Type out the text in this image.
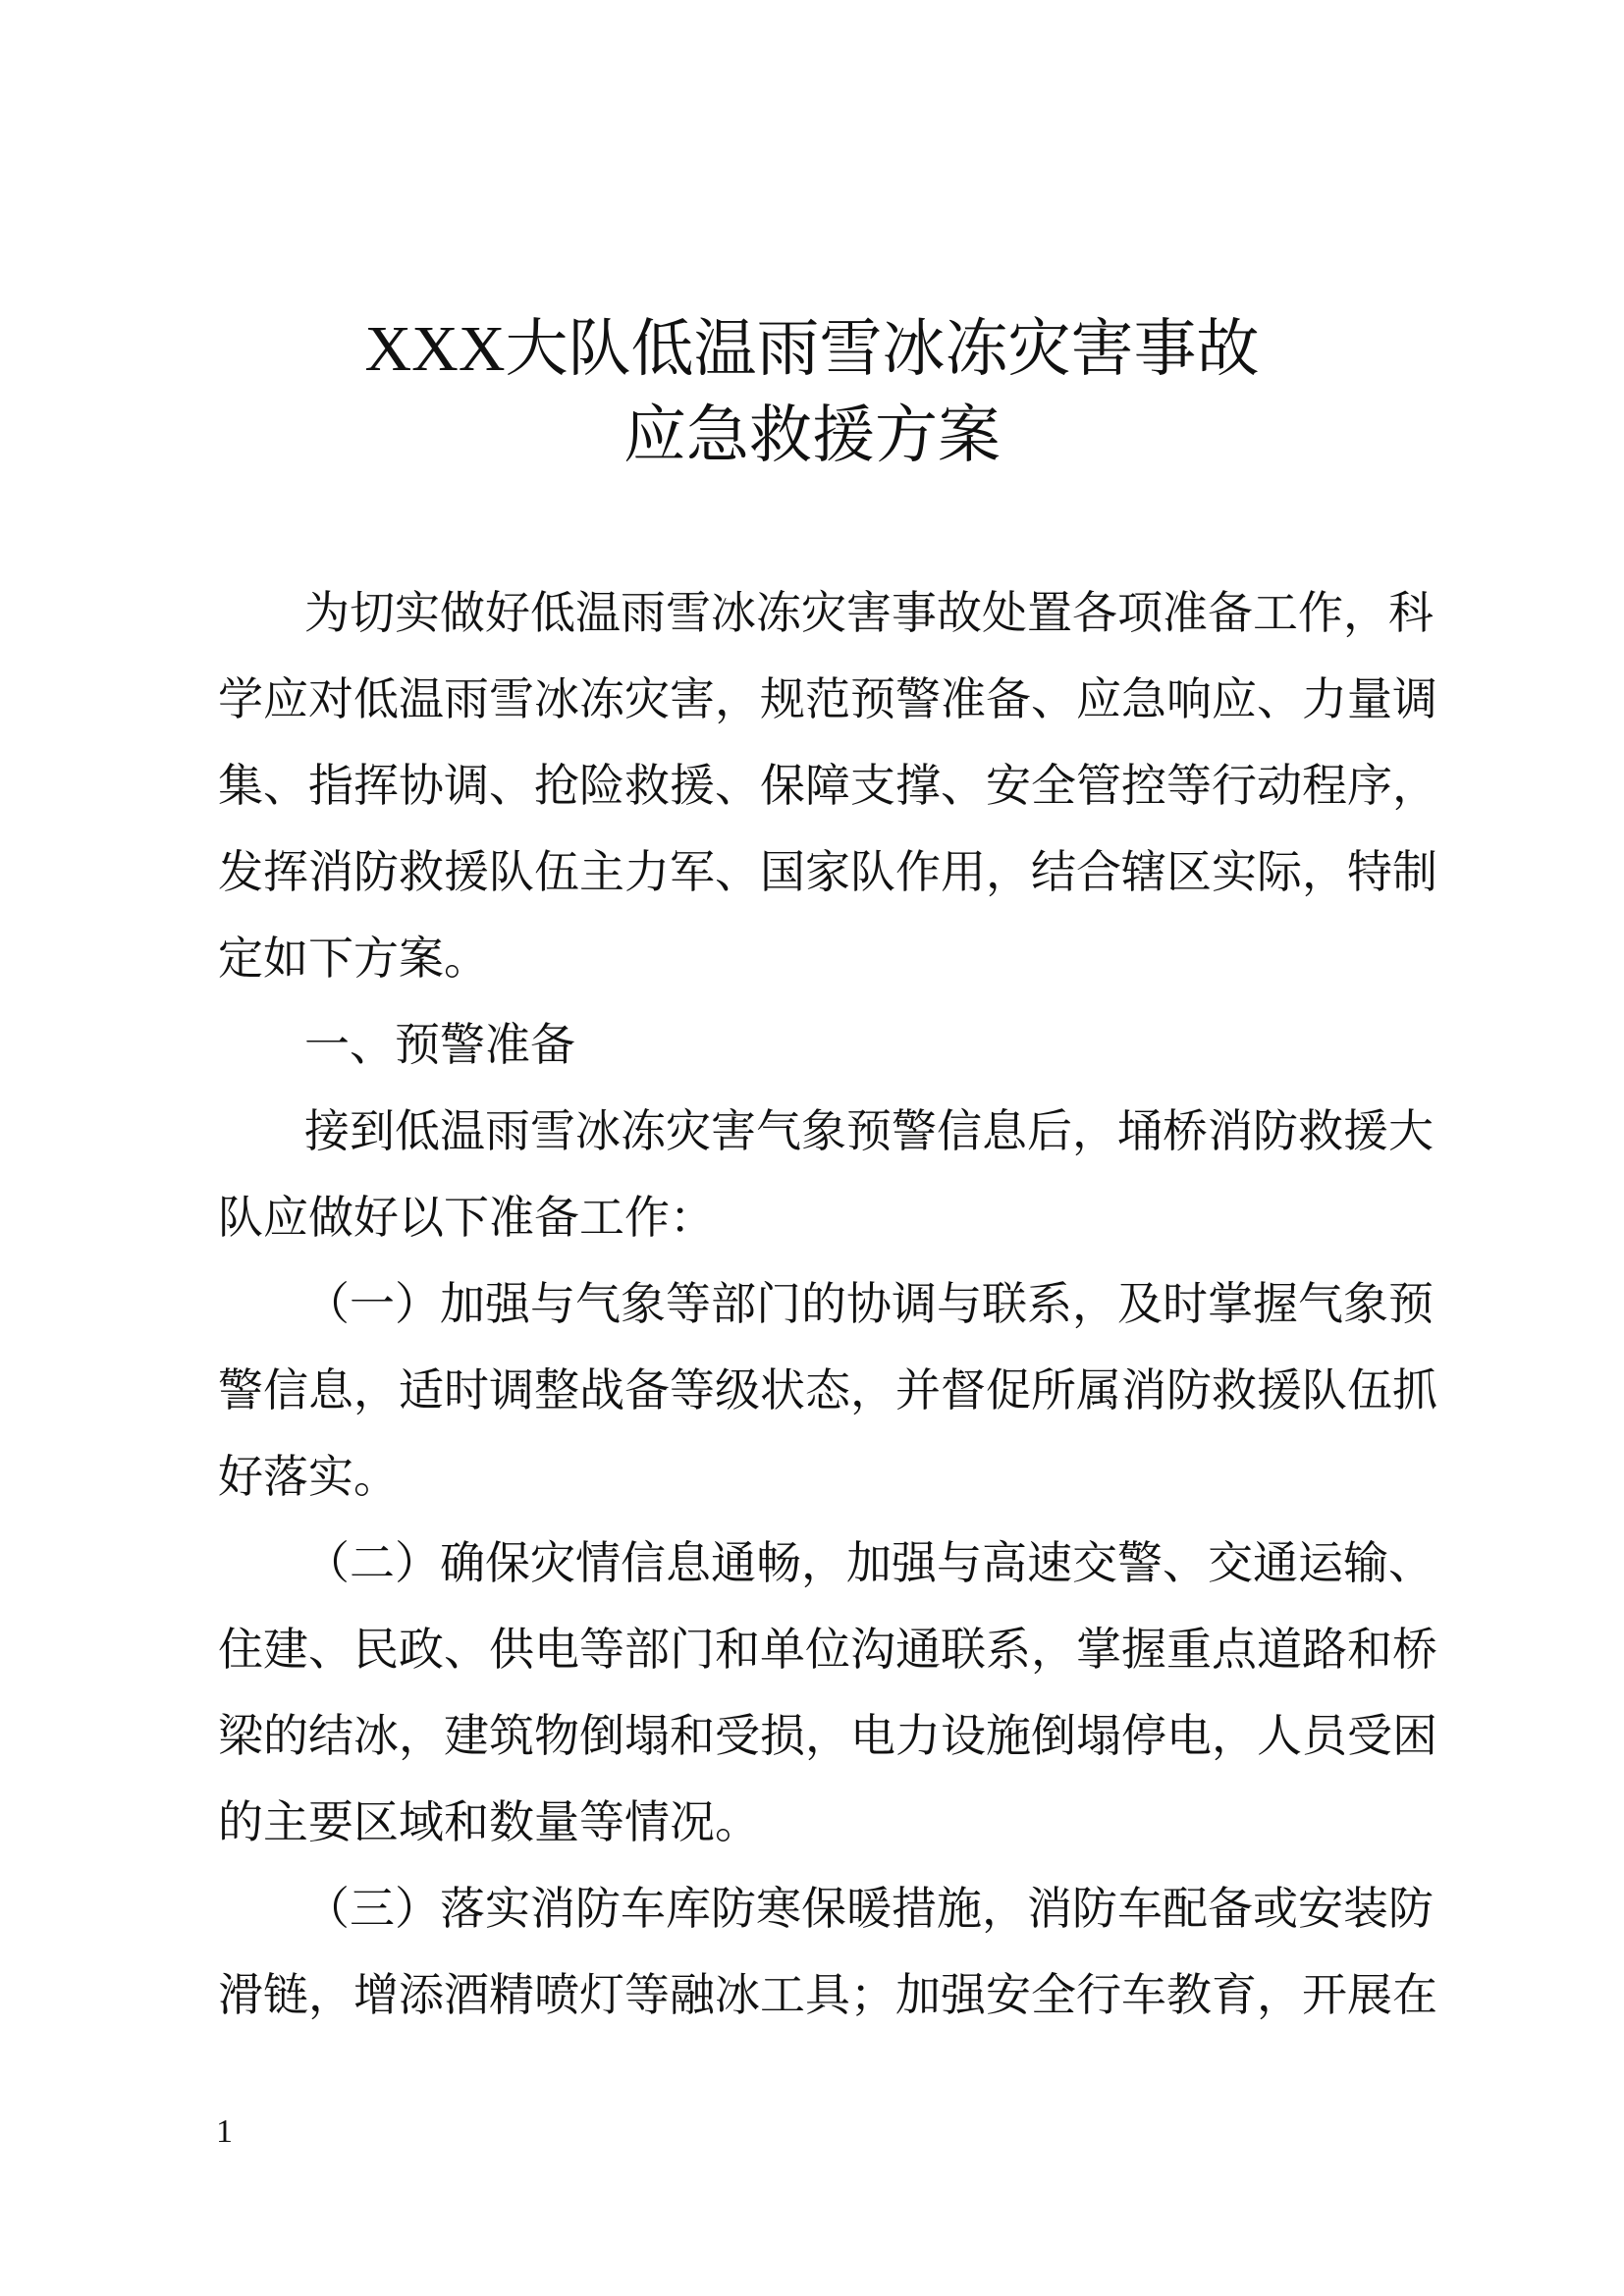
XXX大队低温雨雪冰冻灾害事故
应急救援方案
为切实做好低温雨雪冰冻灾害事故处置各项准备工作，科
学应对低温雨雪冰冻灾害，规范预警准备、应急响应、力量调
集、指挥协调、抢险救援、保障支撑、安全管控等行动程序，
发挥消防救援队伍主力军、国家队作用，结合辖区实际，特制
定如下方案。
一、预警准备
接到低温雨雪冰冻灾害气象预警信息后，埇桥消防救援大
队应做好以下准备工作：
（一）加强与气象等部门的协调与联系，及时掌握气象预
警信息，适时调整战备等级状态，并督促所属消防救援队伍抓
好落实。
（二）确保灾情信息通畅，加强与高速交警、交通运输、
住建、民政、供电等部门和单位沟通联系，掌握重点道路和桥
梁的结冰，建筑物倒塌和受损，电力设施倒塌停电，人员受困
的主要区域和数量等情况。
（三）落实消防车库防寒保暖措施，消防车配备或安装防
滑链，增添酒精喷灯等融冰工具；加强安全行车教育，开展在
1
